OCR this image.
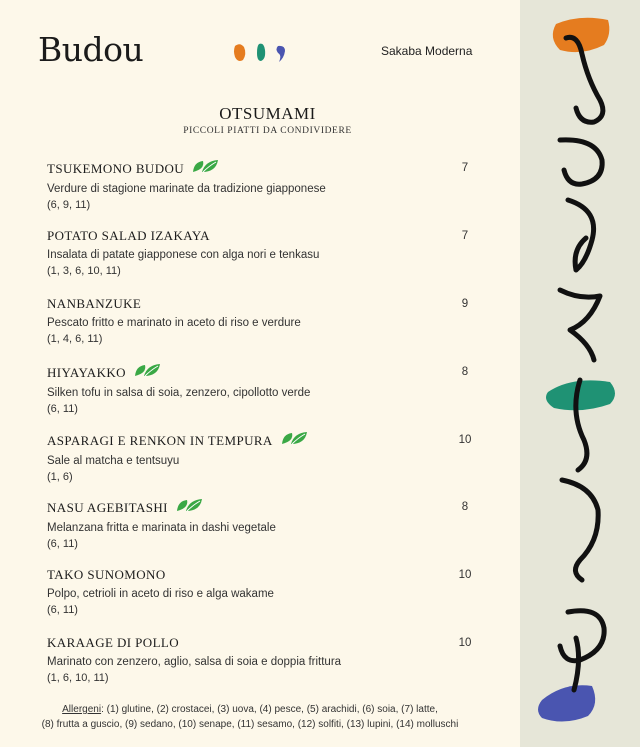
Budou	Sakaba Moderna
OTSUMAMI
PICCOLI PIATTI DA CONDIVIDERE
TSUKEMONO BUDOU
Verdure di stagione marinate da tradizione giapponese
(6, 9, 11)
7
POTATO SALAD IZAKAYA
Insalata di patate giapponese con alga nori e tenkasu
(1, 3, 6, 10, 11)
7
NANBANZUKE
Pescato fritto e marinato in aceto di riso e verdure
(1, 4, 6, 11)
9
HIYAYAKKO
Silken tofu in salsa di soia, zenzero, cipollotto verde
(6, 11)
8
ASPARAGI E RENKON IN TEMPURA
Sale al matcha e tentsuyu
(1, 6)
10
NASU AGEBITASHI
Melanzana fritta e marinata in dashi vegetale
(6, 11)
8
TAKO SUNOMONO
Polpo, cetrioli in aceto di riso e alga wakame
(6, 11)
10
KARAAGE DI POLLO
Marinato con zenzero, aglio, salsa di soia e doppia frittura
(1, 6, 10, 11)
10
Allergeni: (1) glutine, (2) crostacei, (3) uova, (4) pesce, (5) arachidi, (6) soia, (7) latte,
(8) frutta a guscio, (9) sedano, (10) senape, (11) sesamo, (12) solfiti, (13) lupini, (14) molluschi
